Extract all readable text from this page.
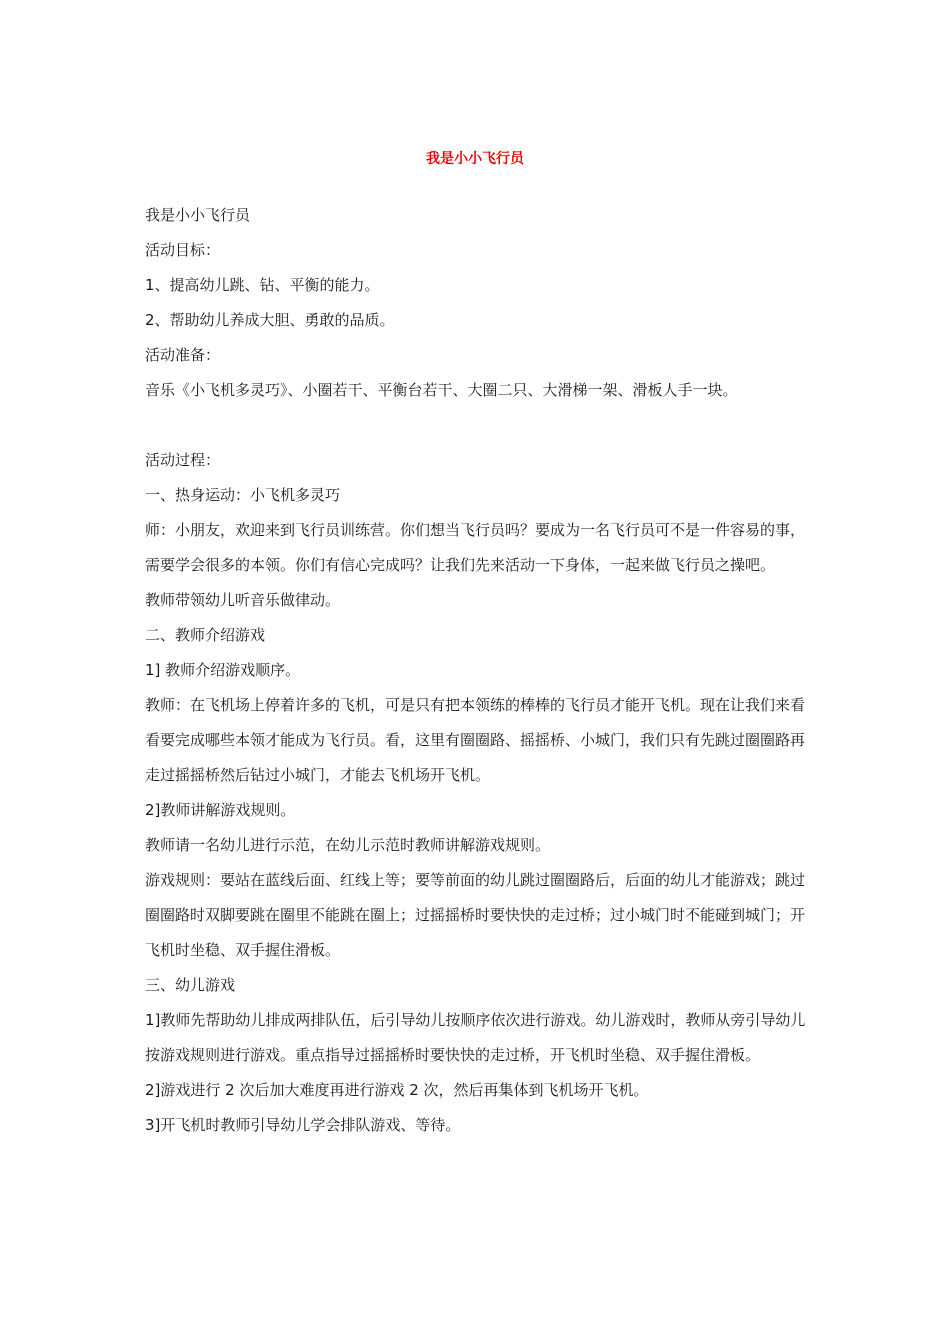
我是小小飞行员

我是小小飞行员

活动目标：

1、提高幼儿跳、钻、平衡的能力。

2、帮助幼儿养成大胆、勇敢的品质。

活动准备：

音乐《小飞机多灵巧》、小圈若干、平衡台若干、大圈二只、大滑梯一架、滑板人手一块。

活动过程：

一、热身运动：小飞机多灵巧

师：小朋友，欢迎来到飞行员训练营。你们想当飞行员吗？要成为一名飞行员可不是一件容易的事，需要学会很多的本领。你们有信心完成吗？让我们先来活动一下身体，一起来做飞行员之操吧。

教师带领幼儿听音乐做律动。

二、教师介绍游戏

1] 教师介绍游戏顺序。

教师：在飞机场上停着许多的飞机，可是只有把本领练的棒棒的飞行员才能开飞机。现在让我们来看看要完成哪些本领才能成为飞行员。看，这里有圈圈路、摇摇桥、小城门，我们只有先跳过圈圈路再走过摇摇桥然后钻过小城门，才能去飞机场开飞机。

2]教师讲解游戏规则。

教师请一名幼儿进行示范，在幼儿示范时教师讲解游戏规则。

游戏规则：要站在蓝线后面、红线上等；要等前面的幼儿跳过圈圈路后，后面的幼儿才能游戏；跳过圈圈路时双脚要跳在圈里不能跳在圈上；过摇摇桥时要快快的走过桥；过小城门时不能碰到城门；开飞机时坐稳、双手握住滑板。

三、幼儿游戏

1]教师先帮助幼儿排成两排队伍，后引导幼儿按顺序依次进行游戏。幼儿游戏时，教师从旁引导幼儿按游戏规则进行游戏。重点指导过摇摇桥时要快快的走过桥，开飞机时坐稳、双手握住滑板。

2]游戏进行 2 次后加大难度再进行游戏 2 次，然后再集体到飞机场开飞机。

3]开飞机时教师引导幼儿学会排队游戏、等待。
